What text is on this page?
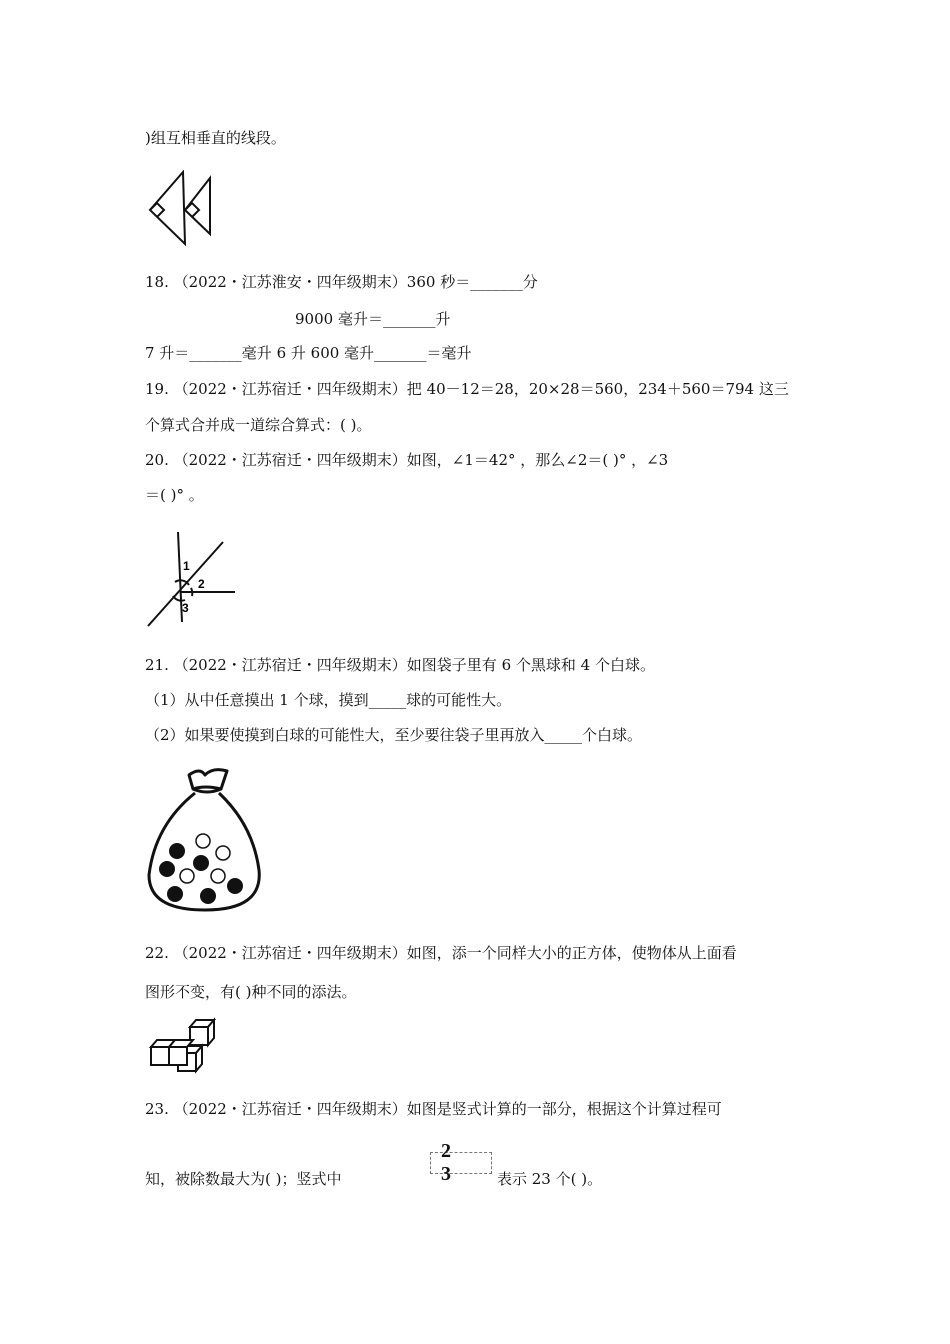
)组互相垂直的线段。
18. （2022・江苏淮安・四年级期末）360 秒＝_______分
9000 毫升＝_______升
7 升＝_______毫升 6 升 600 毫升_______＝毫升
19. （2022・江苏宿迁・四年级期末）把 40－12＝28，20×28＝560，234＋560＝794 这三
个算式合并成一道综合算式：( )。
20. （2022・江苏宿迁・四年级期末）如图，∠1＝42° ，那么∠2＝( )° ，∠3
＝( )° 。
1
2
3
21. （2022・江苏宿迁・四年级期末）如图袋子里有 6 个黑球和 4 个白球。
（1）从中任意摸出 1 个球，摸到_____球的可能性大。
（2）如果要使摸到白球的可能性大，至少要往袋子里再放入_____个白球。
22. （2022・江苏宿迁・四年级期末）如图，添一个同样大小的正方体，使物体从上面看
图形不变，有( )种不同的添法。
23. （2022・江苏宿迁・四年级期末）如图是竖式计算的一部分，根据这个计算过程可
知，被除数最大为( )；竖式中
2 3	表示 23 个( )。
